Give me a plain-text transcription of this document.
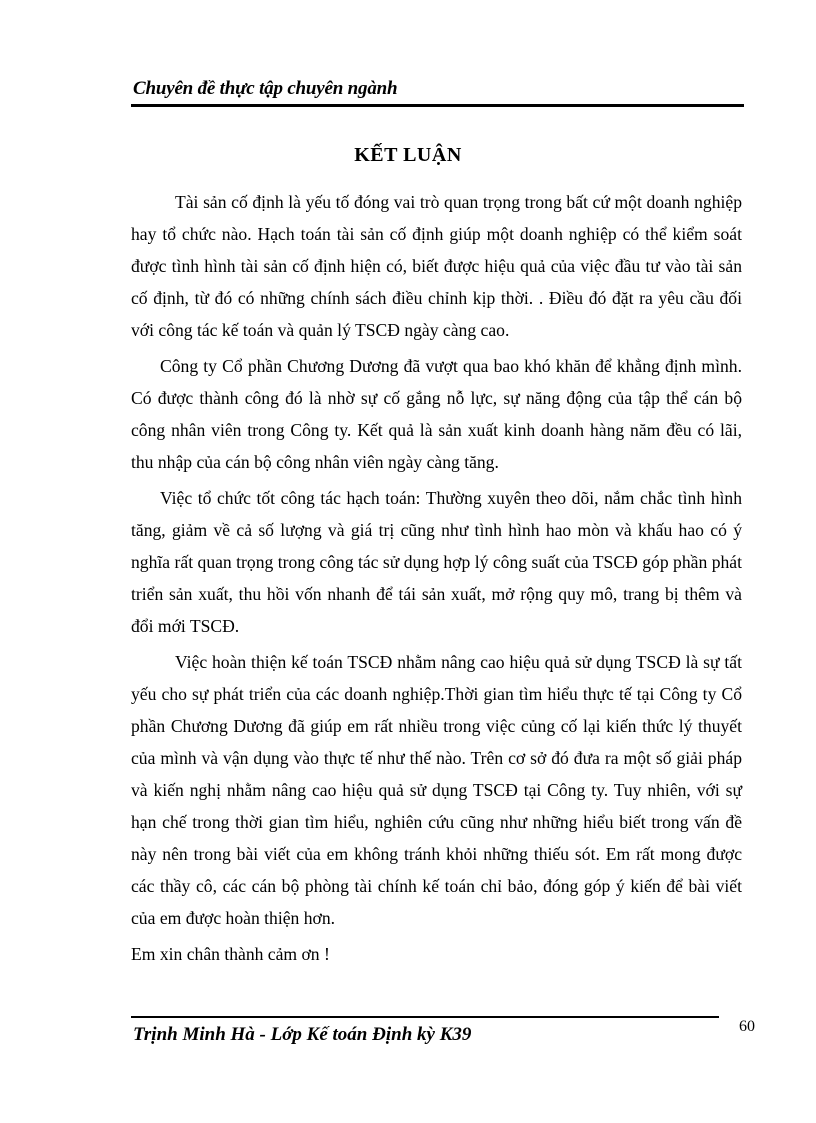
Chuyên đề thực tập chuyên ngành
KẾT LUẬN

Tài sản cố định là yếu tố đóng vai trò quan trọng trong bất cứ một doanh nghiệp hay tổ chức nào. Hạch toán tài sản cố định giúp một doanh nghiệp có thể kiểm soát được tình hình tài sản cố định hiện có, biết được hiệu quả của việc đầu tư vào tài sản cố định, từ đó có những chính sách điều chỉnh kịp thời. . Điều đó đặt ra yêu cầu đối với công tác kế toán và quản lý TSCĐ ngày càng cao.

Công ty Cổ phần Chương Dương đã vượt qua bao khó khăn để khẳng định mình. Có được thành công đó là nhờ sự cố gắng nỗ lực, sự năng động của tập thể cán bộ công nhân viên trong Công ty. Kết quả là sản xuất kinh doanh hàng năm đều có lãi, thu nhập của cán bộ công nhân viên ngày càng tăng.

Việc tổ chức tốt công tác hạch toán: Thường xuyên theo dõi, nắm chắc tình hình tăng, giảm về cả số lượng và giá trị cũng như tình hình hao mòn và khấu hao có ý nghĩa rất quan trọng trong công tác sử dụng hợp lý công suất của TSCĐ góp phần phát triển sản xuất, thu hồi vốn nhanh để tái sản xuất, mở rộng quy mô, trang bị thêm và đổi mới TSCĐ.

Việc hoàn thiện kế toán TSCĐ nhằm nâng cao hiệu quả sử dụng TSCĐ là sự tất yếu cho sự phát triển của các doanh nghiệp.Thời gian tìm hiểu thực tế tại Công ty Cổ phần Chương Dương đã giúp em rất nhiều trong việc củng cố lại kiến thức lý thuyết của mình và vận dụng vào thực tế như thế nào. Trên cơ sở đó đưa ra một số giải pháp và kiến nghị nhằm nâng cao hiệu quả sử dụng TSCĐ tại Công ty. Tuy nhiên, với sự hạn chế trong thời gian tìm hiểu, nghiên cứu cũng như những hiểu biết trong vấn đề này nên trong bài viết của em không tránh khỏi những thiếu sót. Em rất mong được các thầy cô, các cán bộ phòng tài chính kế toán chỉ bảo, đóng góp ý kiến để bài viết của em được hoàn thiện hơn.

Em xin chân thành cảm ơn !

Trịnh Minh Hà - Lớp Kế toán Định kỳ K39	60
